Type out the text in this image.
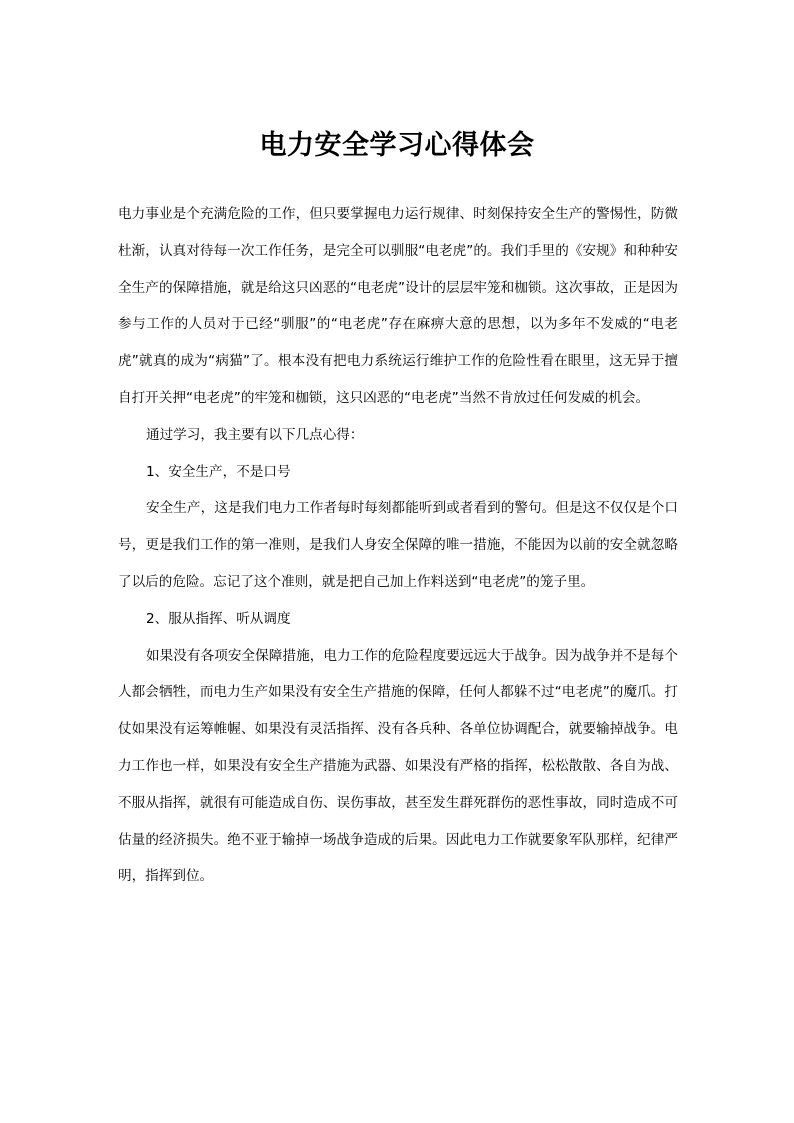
电力安全学习心得体会

电力事业是个充满危险的工作，但只要掌握电力运行规律、时刻保持安全生产的警惕性，防微杜渐，认真对待每一次工作任务，是完全可以驯服“电老虎”的。我们手里的《安规》和种种安全生产的保障措施，就是给这只凶恶的“电老虎”设计的层层牢笼和枷锁。这次事故，正是因为参与工作的人员对于已经“驯服”的“电老虎”存在麻痹大意的思想，以为多年不发威的“电老虎”就真的成为“病猫”了。根本没有把电力系统运行维护工作的危险性看在眼里，这无异于擅自打开关押“电老虎”的牢笼和枷锁，这只凶恶的“电老虎”当然不肯放过任何发威的机会。

通过学习，我主要有以下几点心得：

1、安全生产，不是口号

安全生产，这是我们电力工作者每时每刻都能听到或者看到的警句。但是这不仅仅是个口号，更是我们工作的第一准则，是我们人身安全保障的唯一措施，不能因为以前的安全就忽略了以后的危险。忘记了这个准则，就是把自己加上作料送到“电老虎”的笼子里。

2、服从指挥、听从调度

如果没有各项安全保障措施，电力工作的危险程度要远远大于战争。因为战争并不是每个人都会牺牲，而电力生产如果没有安全生产措施的保障，任何人都躲不过“电老虎”的魔爪。打仗如果没有运筹帷幄、如果没有灵活指挥、没有各兵种、各单位协调配合，就要输掉战争。电力工作也一样，如果没有安全生产措施为武器、如果没有严格的指挥，松松散散、各自为战、不服从指挥，就很有可能造成自伤、误伤事故，甚至发生群死群伤的恶性事故，同时造成不可估量的经济损失。绝不亚于输掉一场战争造成的后果。因此电力工作就要象军队那样，纪律严明，指挥到位。
